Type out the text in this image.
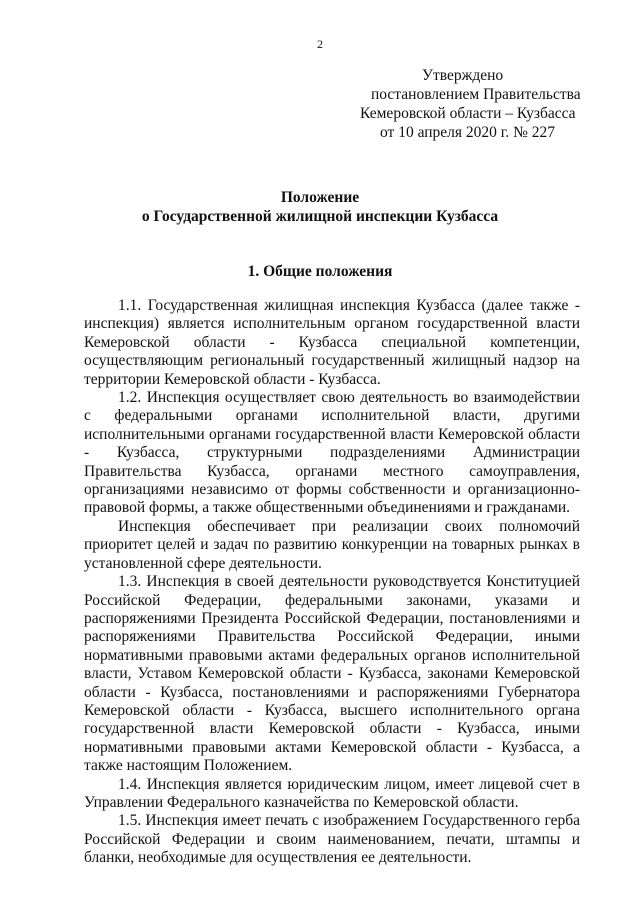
2
Утверждено
постановлением Правительства
Кемеровской области – Кузбасса
от 10 апреля 2020 г. № 227
Положение
о Государственной жилищной инспекции Кузбасса
1. Общие положения

1.1. Государственная жилищная инспекция Кузбасса (далее также - инспекция) является исполнительным органом государственной власти Кемеровской области - Кузбасса специальной компетенции, осуществляющим региональный государственный жилищный надзор на территории Кемеровской области - Кузбасса.

1.2. Инспекция осуществляет свою деятельность во взаимодействии с федеральными органами исполнительной власти, другими исполнительными органами государственной власти Кемеровской области - Кузбасса, структурными подразделениями Администрации Правительства Кузбасса, органами местного самоуправления, организациями независимо от формы собственности и организационно-правовой формы, а также общественными объединениями и гражданами.

Инспекция обеспечивает при реализации своих полномочий приоритет целей и задач по развитию конкуренции на товарных рынках в установленной сфере деятельности.

1.3. Инспекция в своей деятельности руководствуется Конституцией Российской Федерации, федеральными законами, указами и распоряжениями Президента Российской Федерации, постановлениями и распоряжениями Правительства Российской Федерации, иными нормативными правовыми актами федеральных органов исполнительной власти, Уставом Кемеровской области - Кузбасса, законами Кемеровской области - Кузбасса, постановлениями и распоряжениями Губернатора Кемеровской области - Кузбасса, высшего исполнительного органа государственной власти Кемеровской области - Кузбасса, иными нормативными правовыми актами Кемеровской области - Кузбасса, а также настоящим Положением.

1.4. Инспекция является юридическим лицом, имеет лицевой счет в Управлении Федерального казначейства по Кемеровской области.

1.5. Инспекция имеет печать с изображением Государственного герба Российской Федерации и своим наименованием, печати, штампы и бланки, необходимые для осуществления ее деятельности.
